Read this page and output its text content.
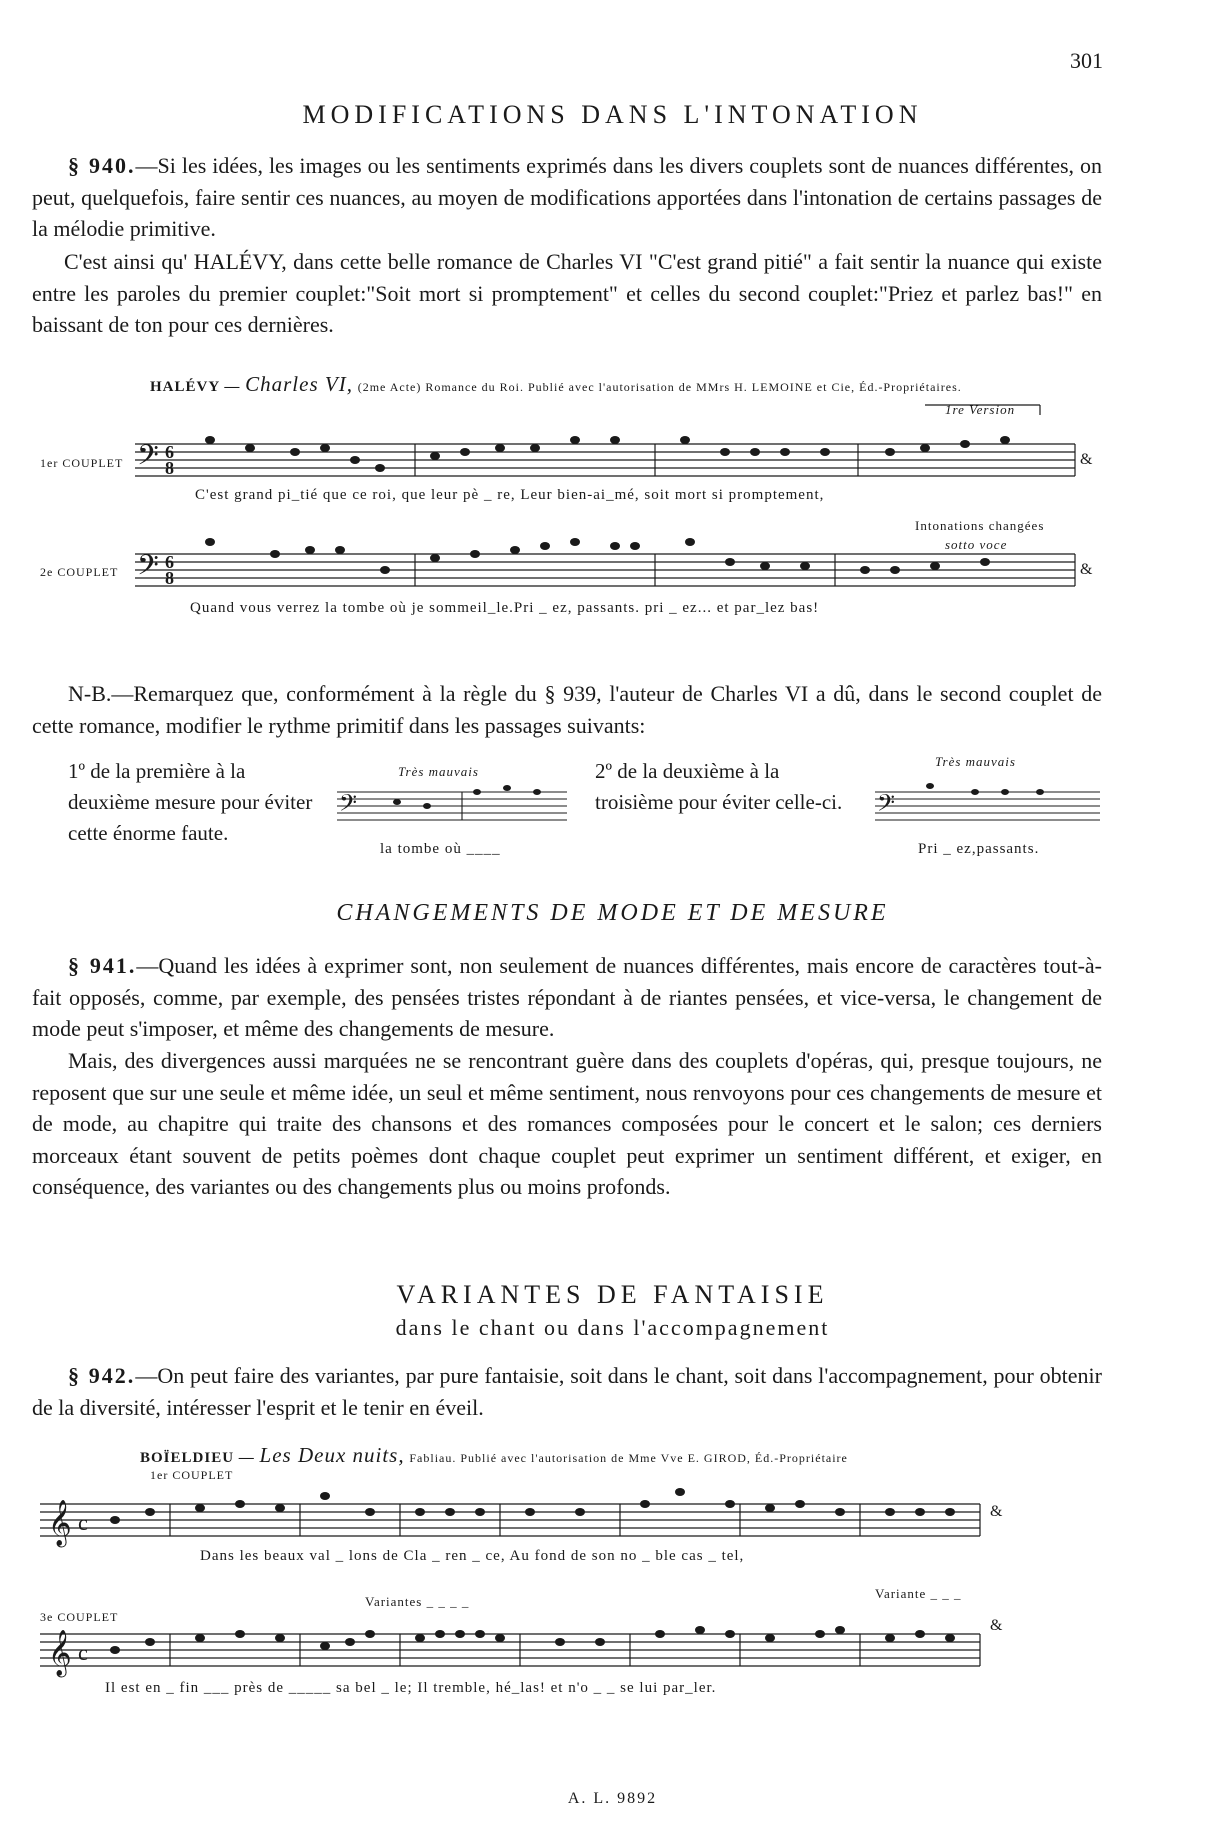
301
MODIFICATIONS DANS L'INTONATION
§ 940.—Si les idées, les images ou les sentiments exprimés dans les divers couplets sont de nuances différentes, on peut, quelquefois, faire sentir ces nuances, au moyen de modifications apportées dans l'intonation de certains passages de la mélodie primitive.
C'est ainsi qu' HALÉVY, dans cette belle romance de Charles VI "C'est grand pitié" a fait sentir la nuance qui existe entre les paroles du premier couplet:"Soit mort si promptement" et celles du second couplet:"Priez et parlez bas!" en baissant de ton pour ces dernières.
HALÉVY — Charles VI, (2me Acte) Romance du Roi. Publié avec l'autorisation de MMrs H. LEMOINE et Cie, Éd.-Propriétaires.
1re Version
1er COUPLET 𝄢 6
8	&
C'est grand pi_tié que ce roi, que leur pè _ re, Leur bien-ai_mé, soit mort si promptement,
Intonations changées
sotto voce
2e COUPLET 𝄢 6
8	&
Quand vous verrez la tombe où je sommeil_le.Pri _ ez, passants. pri _ ez... et par_lez bas!
N-B.—Remarquez que, conformément à la règle du § 939, l'auteur de Charles VI a dû, dans le second couplet de cette romance, modifier le rythme primitif dans les passages suivants:
1º de la première à la deuxième mesure pour éviter cette énorme faute.
Très mauvais
𝄢
la tombe où ____
2º de la deuxième à la troisième pour éviter celle-ci.
Très mauvais
𝄢
Pri _ ez,passants.
CHANGEMENTS DE MODE ET DE MESURE
§ 941.—Quand les idées à exprimer sont, non seulement de nuances différentes, mais encore de caractères tout-à-fait opposés, comme, par exemple, des pensées tristes répondant à de riantes pensées, et vice-versa, le changement de mode peut s'imposer, et même des changements de mesure.
Mais, des divergences aussi marquées ne se rencontrant guère dans des couplets d'opéras, qui, presque toujours, ne reposent que sur une seule et même idée, un seul et même sentiment, nous renvoyons pour ces changements de mesure et de mode, au chapitre qui traite des chansons et des romances composées pour le concert et le salon; ces derniers morceaux étant souvent de petits poèmes dont chaque couplet peut exprimer un sentiment différent, et exiger, en conséquence, des variantes ou des changements plus ou moins profonds.
VARIANTES DE FANTAISIE
dans le chant ou dans l'accompagnement
§ 942.—On peut faire des variantes, par pure fantaisie, soit dans le chant, soit dans l'accompagnement, pour obtenir de la diversité, intéresser l'esprit et le tenir en éveil.
BOÏELDIEU — Les Deux nuits, Fabliau. Publié avec l'autorisation de Mme Vve E. GIROD, Éd.-Propriétaire
1er COUPLET
𝄞 c	&
Dans les beaux val _ lons de Cla _ ren _ ce, Au fond de son no _ ble cas _ tel,
Variantes _ _ _ _
Variante _ _ _
3e COUPLET
𝄞 c
&
Il est en _ fin ___ près de _____ sa bel _ le; Il tremble, hé_las! et n'o _ _ se lui par_ler.
A. L. 9892
